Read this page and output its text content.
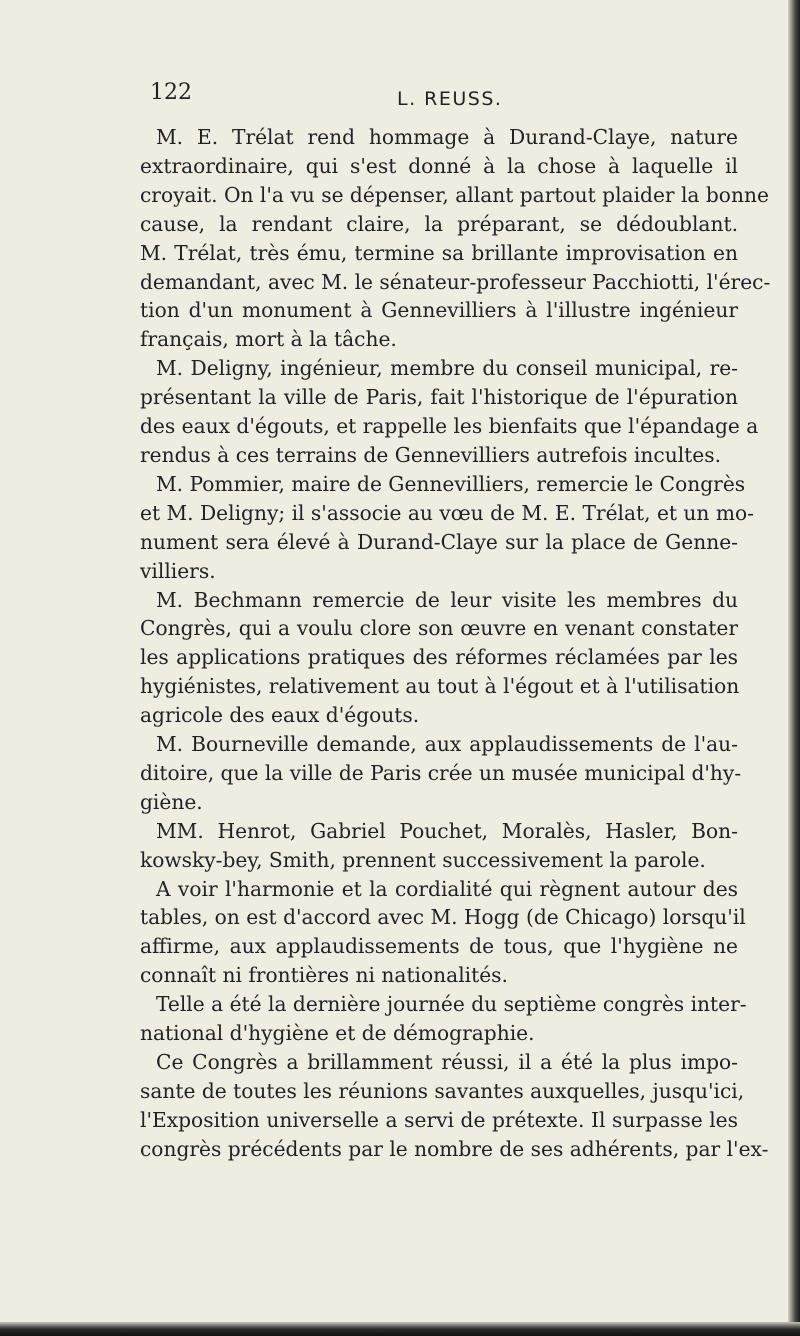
122	L. REUSS.
M. E. Trélat rend hommage à Durand-Claye, nature
extraordinaire, qui s'est donné à la chose à laquelle il
croyait. On l'a vu se dépenser, allant partout plaider la bonne
cause, la rendant claire, la préparant, se dédoublant.
M. Trélat, très ému, termine sa brillante improvisation en
demandant, avec M. le sénateur-professeur Pacchiotti, l'érec-
tion d'un monument à Gennevilliers à l'illustre ingénieur
français, mort à la tâche.
M. Deligny, ingénieur, membre du conseil municipal, re-
présentant la ville de Paris, fait l'historique de l'épuration
des eaux d'égouts, et rappelle les bienfaits que l'épandage a
rendus à ces terrains de Gennevilliers autrefois incultes.
M. Pommier, maire de Gennevilliers, remercie le Congrès
et M. Deligny; il s'associe au vœu de M. E. Trélat, et un mo-
nument sera élevé à Durand-Claye sur la place de Genne-
villiers.
M. Bechmann remercie de leur visite les membres du
Congrès, qui a voulu clore son œuvre en venant constater
les applications pratiques des réformes réclamées par les
hygiénistes, relativement au tout à l'égout et à l'utilisation
agricole des eaux d'égouts.
M. Bourneville demande, aux applaudissements de l'au-
ditoire, que la ville de Paris crée un musée municipal d'hy-
giène.
MM. Henrot, Gabriel Pouchet, Moralès, Hasler, Bon-
kowsky-bey, Smith, prennent successivement la parole.
A voir l'harmonie et la cordialité qui règnent autour des
tables, on est d'accord avec M. Hogg (de Chicago) lorsqu'il
affirme, aux applaudissements de tous, que l'hygiène ne
connaît ni frontières ni nationalités.
Telle a été la dernière journée du septième congrès inter-
national d'hygiène et de démographie.
Ce Congrès a brillamment réussi, il a été la plus impo-
sante de toutes les réunions savantes auxquelles, jusqu'ici,
l'Exposition universelle a servi de prétexte. Il surpasse les
congrès précédents par le nombre de ses adhérents, par l'ex-
